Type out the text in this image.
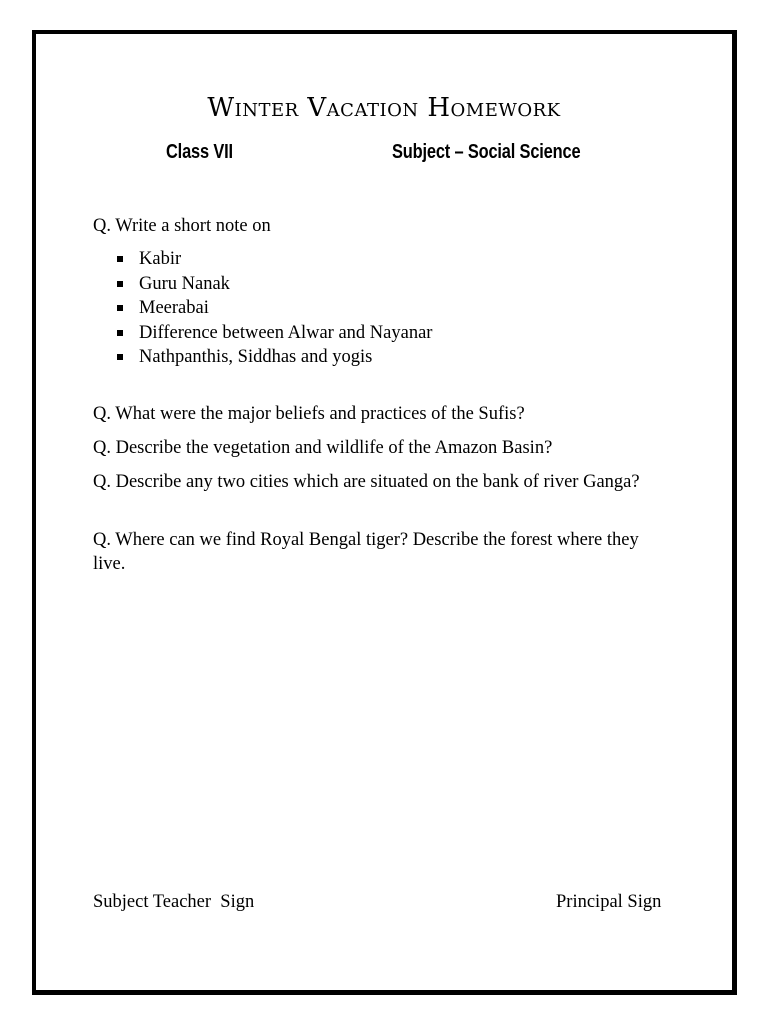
Winter Vacation Homework
Class VII	Subject – Social Science

Q. Write a short note on

Kabir
Guru Nanak
Meerabai
Difference between Alwar and Nayanar
Nathpanthis, Siddhas and yogis

Q. What were the major beliefs and practices of the Sufis?

Q. Describe the vegetation and wildlife of the Amazon Basin?

Q. Describe any two cities which are situated on the bank of river Ganga?

Q. Where can we find Royal Bengal tiger? Describe the forest where they live.

Subject Teacher  Sign	Principal Sign
